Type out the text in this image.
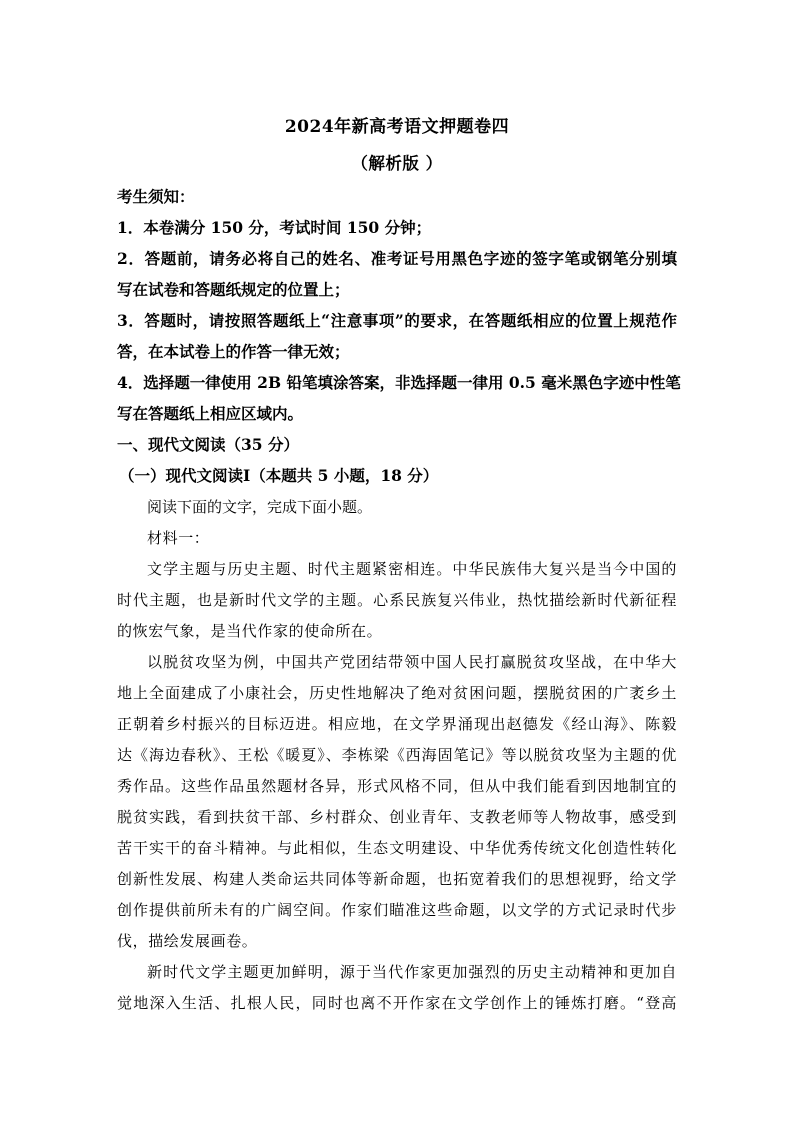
2024年新高考语文押题卷四
（解析版 ）
考生须知：
1．本卷满分 150 分，考试时间 150 分钟；
2．答题前，请务必将自己的姓名、准考证号用黑色字迹的签字笔或钢笔分别填
写在试卷和答题纸规定的位置上；
3．答题时，请按照答题纸上“注意事项”的要求，在答题纸相应的位置上规范作
答，在本试卷上的作答一律无效；
4．选择题一律使用 2B 铅笔填涂答案，非选择题一律用 0.5 毫米黑色字迹中性笔
写在答题纸上相应区域内。
一、现代文阅读（35 分）
（一）现代文阅读Ⅰ（本题共 5 小题，18 分）
阅读下面的文字，完成下面小题。
材料一：
文学主题与历史主题、时代主题紧密相连。中华民族伟大复兴是当今中国的
时代主题，也是新时代文学的主题。心系民族复兴伟业，热忱描绘新时代新征程
的恢宏气象，是当代作家的使命所在。
以脱贫攻坚为例，中国共产党团结带领中国人民打赢脱贫攻坚战，在中华大
地上全面建成了小康社会，历史性地解决了绝对贫困问题，摆脱贫困的广袤乡土
正朝着乡村振兴的目标迈进。相应地，在文学界涌现出赵德发《经山海》、陈毅
达《海边春秋》、王松《暖夏》、李栋梁《西海固笔记》等以脱贫攻坚为主题的优
秀作品。这些作品虽然题材各异，形式风格不同，但从中我们能看到因地制宜的
脱贫实践，看到扶贫干部、乡村群众、创业青年、支教老师等人物故事，感受到
苦干实干的奋斗精神。与此相似，生态文明建设、中华优秀传统文化创造性转化
创新性发展、构建人类命运共同体等新命题，也拓宽着我们的思想视野，给文学
创作提供前所未有的广阔空间。作家们瞄准这些命题，以文学的方式记录时代步
伐，描绘发展画卷。
新时代文学主题更加鲜明，源于当代作家更加强烈的历史主动精神和更加自
觉地深入生活、扎根人民，同时也离不开作家在文学创作上的锤炼打磨。“登高
